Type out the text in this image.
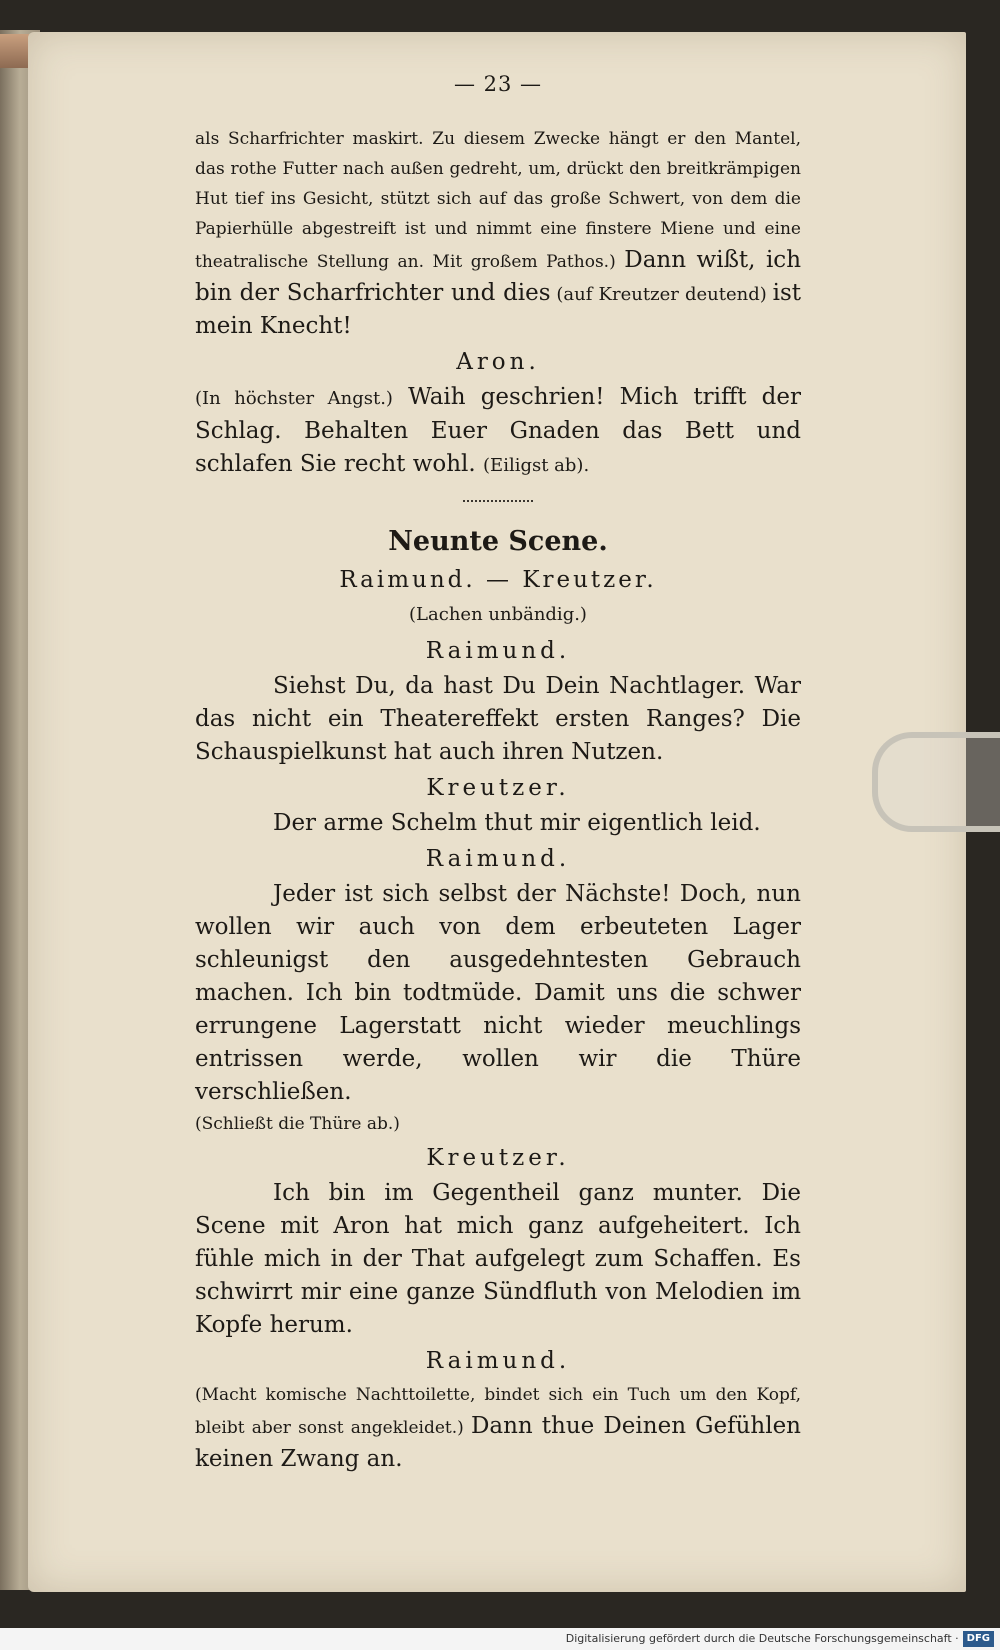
— 23 —

als Scharfrichter maskirt. Zu diesem Zwecke hängt er den Mantel, das rothe Futter nach außen gedreht, um, drückt den breitkrämpigen Hut tief ins Gesicht, stützt sich auf das große Schwert, von dem die Papierhülle abgestreift ist und nimmt eine finstere Miene und eine theatralische Stellung an. Mit großem Pathos.) Dann wißt, ich bin der Scharfrichter und dies (auf Kreutzer deutend) ist mein Knecht!

Aron.

(In höchster Angst.) Waih geschrien! Mich trifft der Schlag. Behalten Euer Gnaden das Bett und schlafen Sie recht wohl. (Eiligst ab).

Neunte Scene.
Raimund. — Kreutzer.
(Lachen unbändig.)
Raimund.

Siehst Du, da hast Du Dein Nachtlager. War das nicht ein Theatereffekt ersten Ranges? Die Schauspielkunst hat auch ihren Nutzen.

Kreutzer.

Der arme Schelm thut mir eigentlich leid.

Raimund.

Jeder ist sich selbst der Nächste! Doch, nun wollen wir auch von dem erbeuteten Lager schleunigst den ausgedehntesten Gebrauch machen. Ich bin todtmüde. Damit uns die schwer errungene Lagerstatt nicht wieder meuchlings entrissen werde, wollen wir die Thüre verschließen.

(Schließt die Thüre ab.)

Kreutzer.

Ich bin im Gegentheil ganz munter. Die Scene mit Aron hat mich ganz aufgeheitert. Ich fühle mich in der That aufgelegt zum Schaffen. Es schwirrt mir eine ganze Sündfluth von Melodien im Kopfe herum.

Raimund.

(Macht komische Nachttoilette, bindet sich ein Tuch um den Kopf, bleibt aber sonst angekleidet.) Dann thue Deinen Gefühlen keinen Zwang an.

Digitalisierung gefördert durch die Deutsche Forschungsgemeinschaft · DFG
